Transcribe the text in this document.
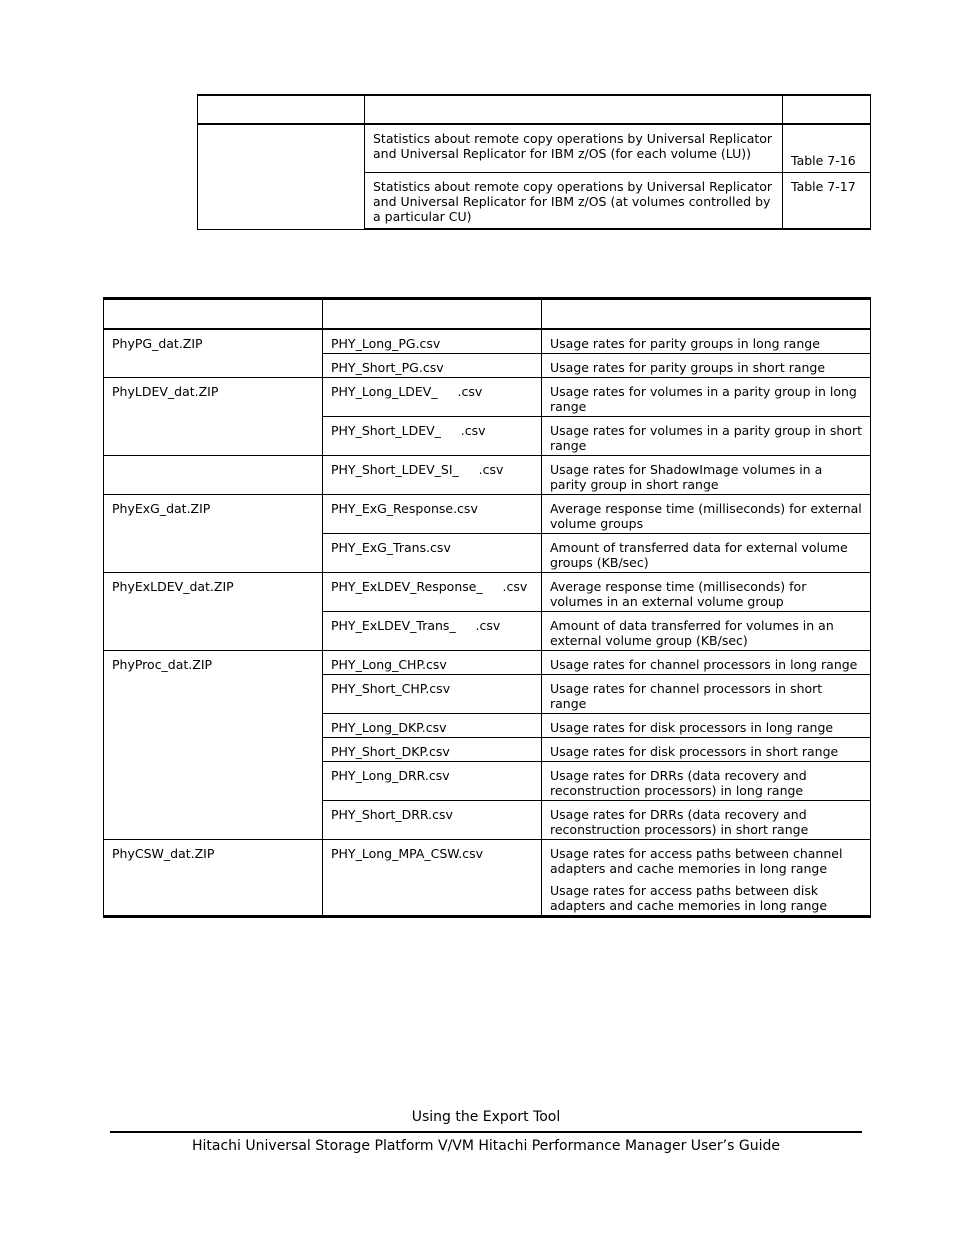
	Statistics about remote copy operations by Universal Replicator and Universal Replicator for IBM z/OS (for each volume (LU))	Table 7-16
	Statistics about remote copy operations by Universal Replicator and Universal Replicator for IBM z/OS (at volumes controlled by a particular CU)	Table 7-17

PhyPG_dat.ZIP	PHY_Long_PG.csv	Usage rates for parity groups in long range
	PHY_Short_PG.csv	Usage rates for parity groups in short range
PhyLDEV_dat.ZIP	PHY_Long_LDEV_     .csv	Usage rates for volumes in a parity group in long range
	PHY_Short_LDEV_     .csv	Usage rates for volumes in a parity group in short range
	PHY_Short_LDEV_SI_     .csv	Usage rates for ShadowImage volumes in a parity group in short range
PhyExG_dat.ZIP	PHY_ExG_Response.csv	Average response time (milliseconds) for external volume groups
	PHY_ExG_Trans.csv	Amount of transferred data for external volume groups (KB/sec)
PhyExLDEV_dat.ZIP	PHY_ExLDEV_Response_     .csv	Average response time (milliseconds) for volumes in an external volume group
	PHY_ExLDEV_Trans_     .csv	Amount of data transferred for volumes in an external volume group (KB/sec)
PhyProc_dat.ZIP	PHY_Long_CHP.csv	Usage rates for channel processors in long range
	PHY_Short_CHP.csv	Usage rates for channel processors in short range
	PHY_Long_DKP.csv	Usage rates for disk processors in long range
	PHY_Short_DKP.csv	Usage rates for disk processors in short range
	PHY_Long_DRR.csv	Usage rates for DRRs (data recovery and reconstruction processors) in long range
	PHY_Short_DRR.csv	Usage rates for DRRs (data recovery and reconstruction processors) in short range
PhyCSW_dat.ZIP	PHY_Long_MPA_CSW.csv	Usage rates for access paths between channel adapters and cache memories in long range
Usage rates for access paths between disk adapters and cache memories in long range
Using the Export Tool
Hitachi Universal Storage Platform V/VM Hitachi Performance Manager User’s Guide
